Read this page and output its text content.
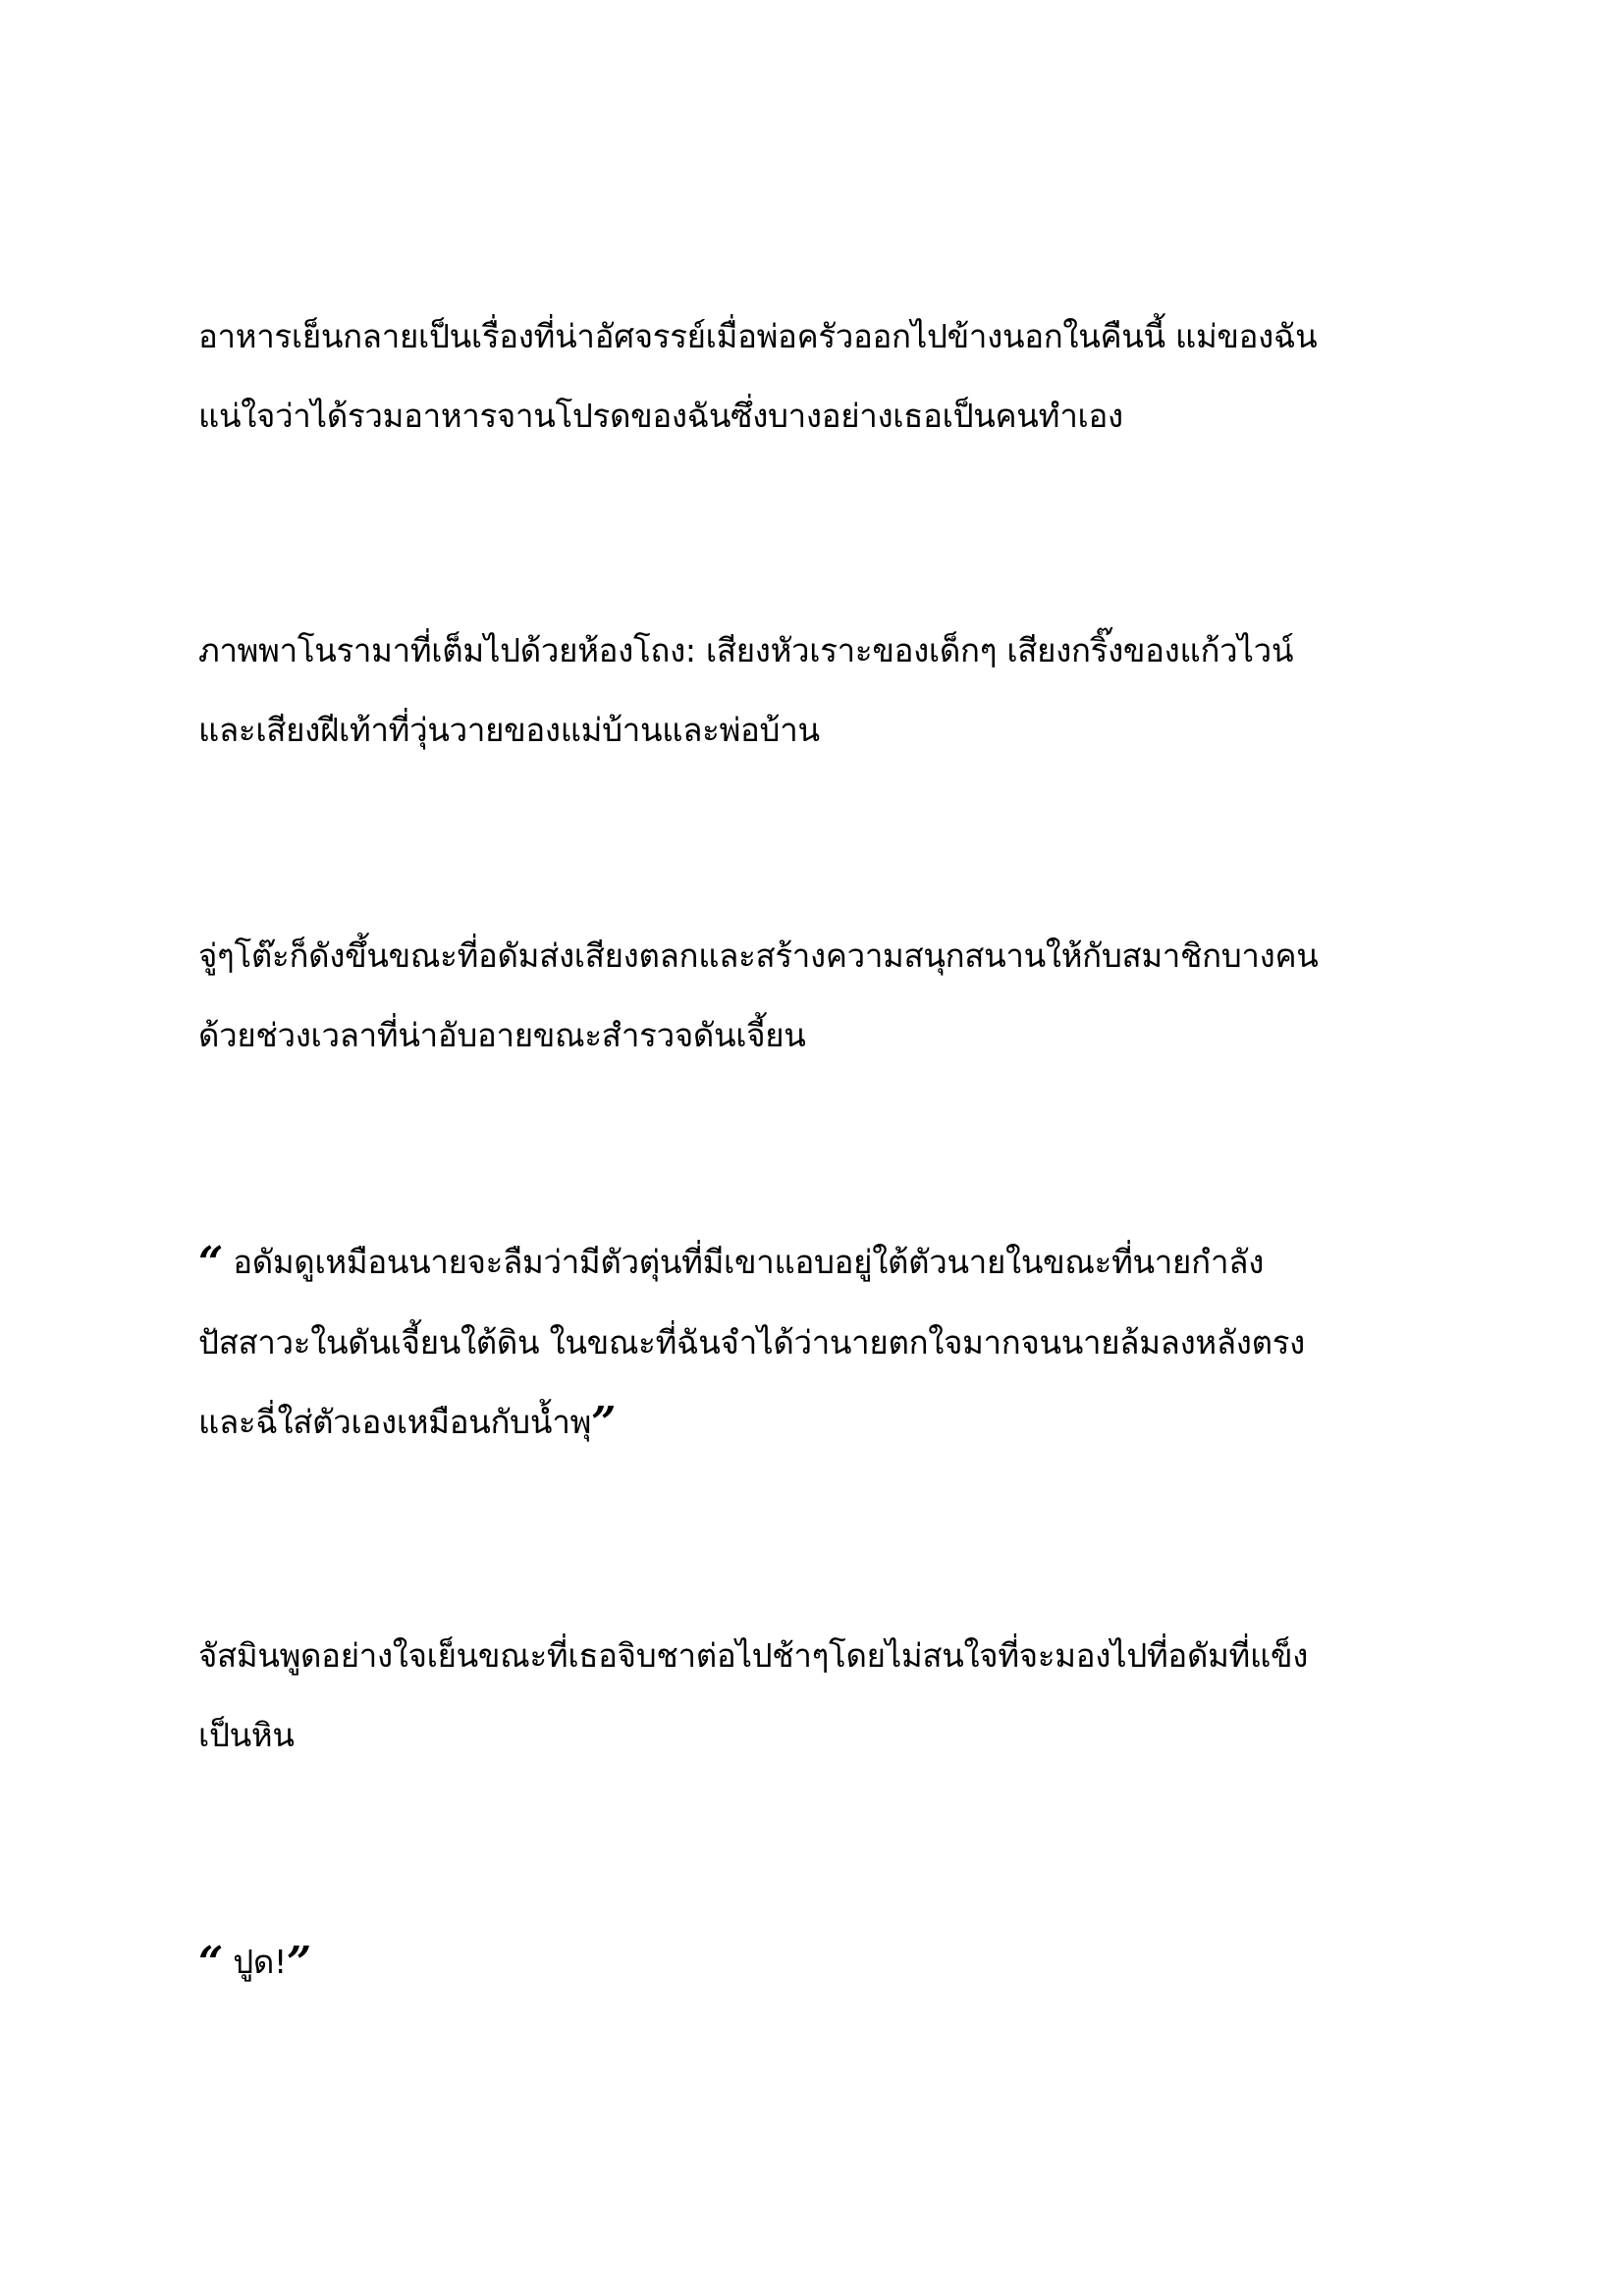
อาหารเย็นกลายเป็นเรื่องที่น่าอัศจรรย์เมื่อพ่อครัวออกไปข้างนอกในคืนนี้ แม่ของฉัน
แน่ใจว่าได้รวมอาหารจานโปรดของฉันซึ่งบางอย่างเธอเป็นคนทำเอง

ภาพพาโนรามาที่เต็มไปด้วยห้องโถง: เสียงหัวเราะของเด็กๆ เสียงกริ๊งของแก้วไวน์
และเสียงฝีเท้าที่วุ่นวายของแม่บ้านและพ่อบ้าน

จู่ๆโต๊ะก็ดังขึ้นขณะที่อดัมส่งเสียงตลกและสร้างความสนุกสนานให้กับสมาชิกบางคน
ด้วยช่วงเวลาที่น่าอับอายขณะสำรวจดันเจี้ยน

“ อดัมดูเหมือนนายจะลืมว่ามีตัวตุ่นที่มีเขาแอบอยู่ใต้ตัวนายในขณะที่นายกำลัง
ปัสสาวะในดันเจี้ยนใต้ดิน ในขณะที่ฉันจำได้ว่านายตกใจมากจนนายล้มลงหลังตรง
และฉี่ใส่ตัวเองเหมือนกับน้ำพุ”

จัสมินพูดอย่างใจเย็นขณะที่เธอจิบชาต่อไปช้าๆโดยไม่สนใจที่จะมองไปที่อดัมที่แข็ง
เป็นหิน

“ ปูด!”
